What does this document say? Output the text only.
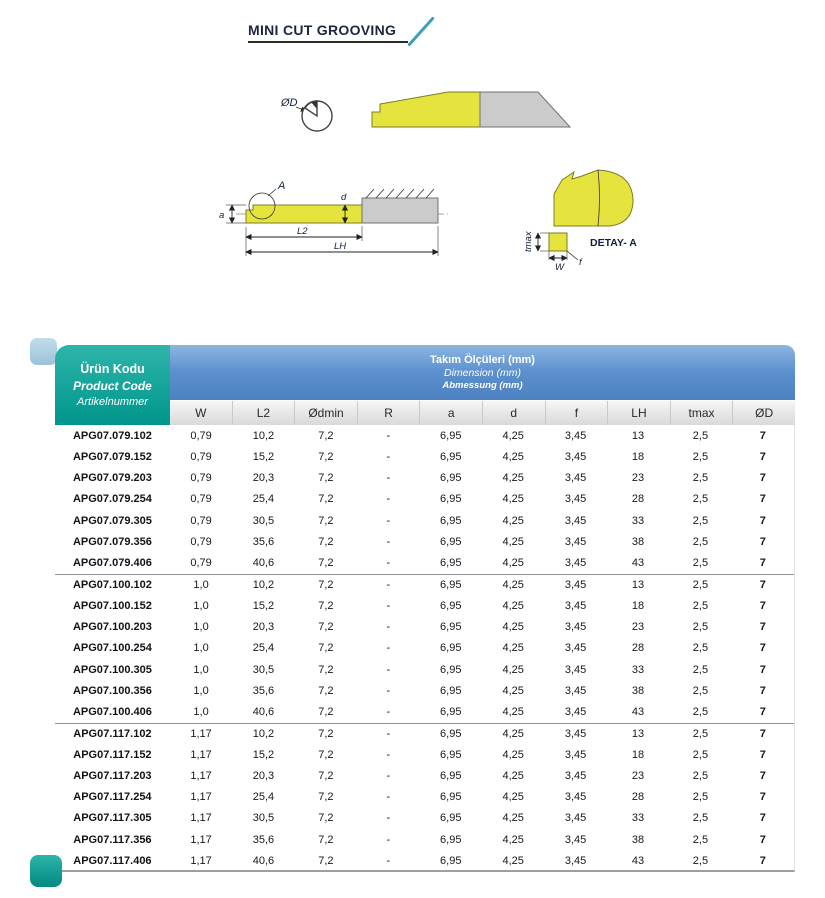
MINI CUT GROOVING
ØD
A
a
d
L2
LH	tmax
W f
DETAY- A
Ürün Kodu
Product Code
Artikelnummer
Takım Ölçüleri (mm)
Dimension (mm)
Abmessung (mm)
W	L2	Ødmin	R	a	d	f	LH	tmax	ØD
APG07.079.102	0,79	10,2	7,2	-	6,95	4,25	3,45	13	2,5	7
APG07.079.152	0,79	15,2	7,2	-	6,95	4,25	3,45	18	2,5	7
APG07.079.203	0,79	20,3	7,2	-	6,95	4,25	3,45	23	2,5	7
APG07.079.254	0,79	25,4	7,2	-	6,95	4,25	3,45	28	2,5	7
APG07.079.305	0,79	30,5	7,2	-	6,95	4,25	3,45	33	2,5	7
APG07.079.356	0,79	35,6	7,2	-	6,95	4,25	3,45	38	2,5	7
APG07.079.406	0,79	40,6	7,2	-	6,95	4,25	3,45	43	2,5	7
APG07.100.102	1,0	10,2	7,2	-	6,95	4,25	3,45	13	2,5	7
APG07.100.152	1,0	15,2	7,2	-	6,95	4,25	3,45	18	2,5	7
APG07.100.203	1,0	20,3	7,2	-	6,95	4,25	3,45	23	2,5	7
APG07.100.254	1,0	25,4	7,2	-	6,95	4,25	3,45	28	2,5	7
APG07.100.305	1,0	30,5	7,2	-	6,95	4,25	3,45	33	2,5	7
APG07.100.356	1,0	35,6	7,2	-	6,95	4,25	3,45	38	2,5	7
APG07.100.406	1,0	40,6	7,2	-	6,95	4,25	3,45	43	2,5	7
APG07.117.102	1,17	10,2	7,2	-	6,95	4,25	3,45	13	2,5	7
APG07.117.152	1,17	15,2	7,2	-	6,95	4,25	3,45	18	2,5	7
APG07.117.203	1,17	20,3	7,2	-	6,95	4,25	3,45	23	2,5	7
APG07.117.254	1,17	25,4	7,2	-	6,95	4,25	3,45	28	2,5	7
APG07.117.305	1,17	30,5	7,2	-	6,95	4,25	3,45	33	2,5	7
APG07.117.356	1,17	35,6	7,2	-	6,95	4,25	3,45	38	2,5	7
APG07.117.406	1,17	40,6	7,2	-	6,95	4,25	3,45	43	2,5	7
